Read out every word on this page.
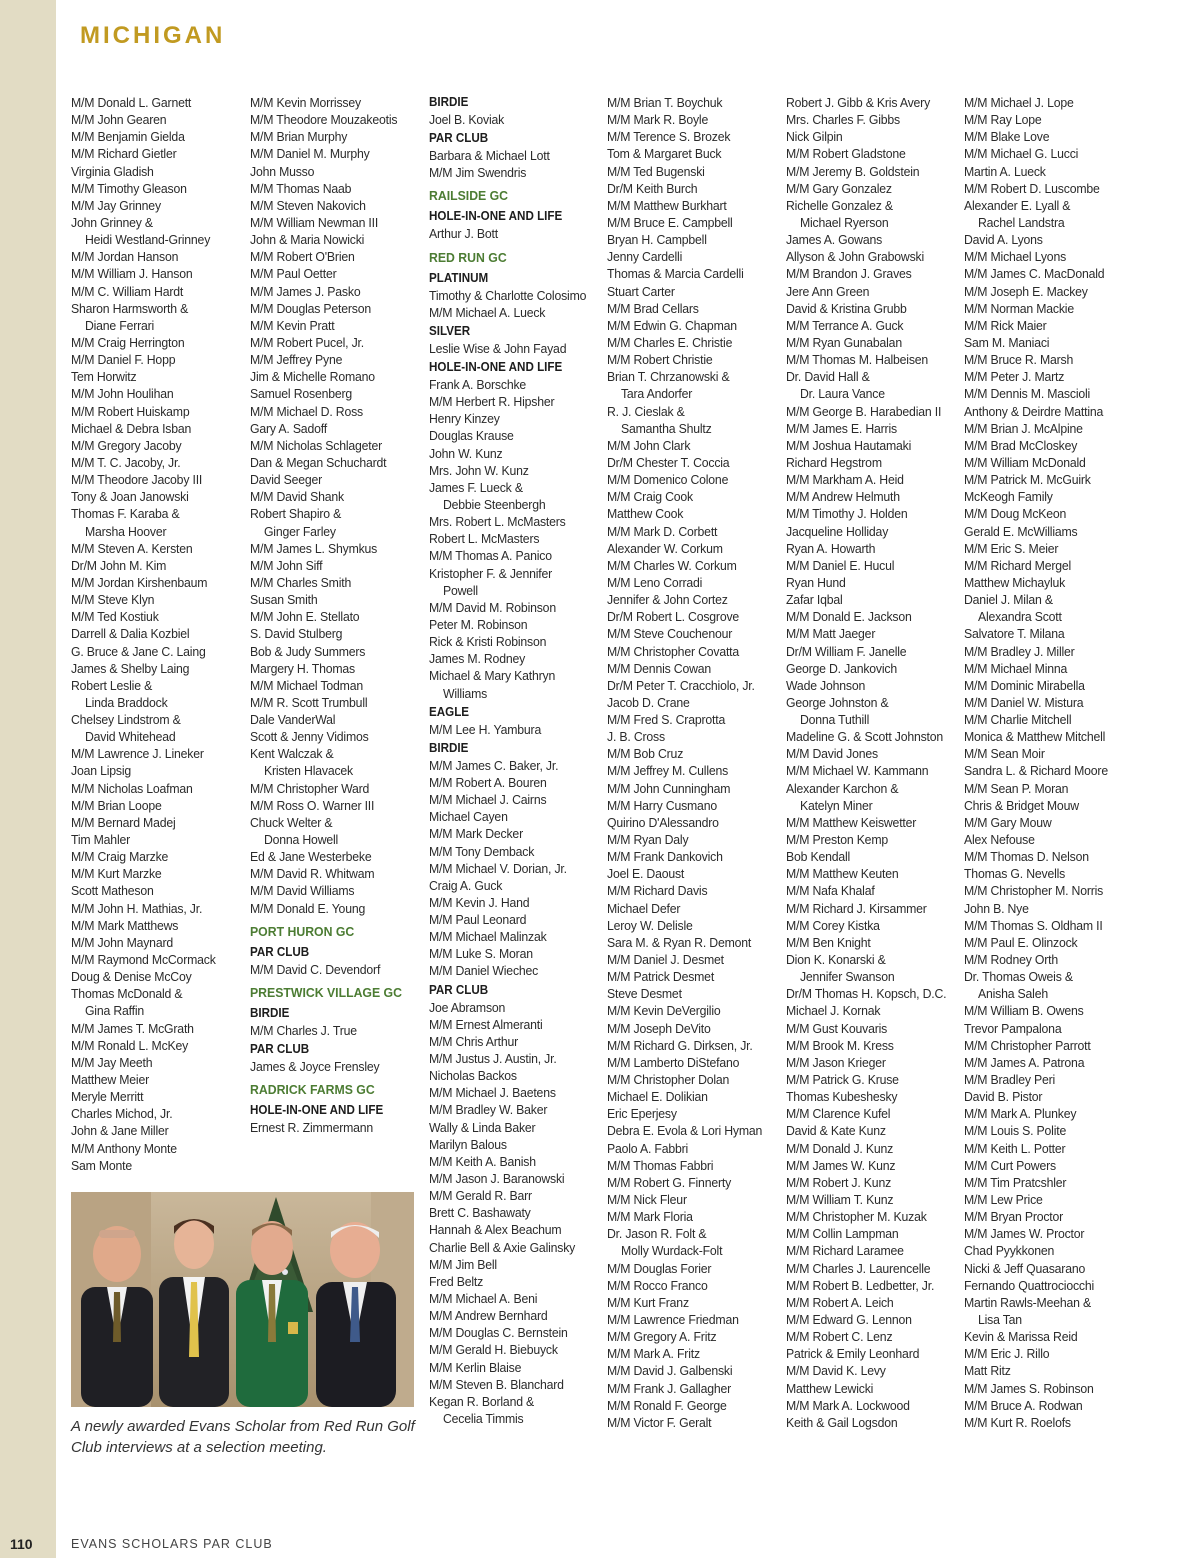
MICHIGAN
M/M Donald L. Garnett
M/M John Gearen
M/M Benjamin Gielda
M/M Richard Gietler
Virginia Gladish
M/M Timothy Gleason
M/M Jay Grinney
John Grinney &
Heidi Westland-Grinney
M/M Jordan Hanson
M/M William J. Hanson
M/M C. William Hardt
Sharon Harmsworth &
Diane Ferrari
M/M Craig Herrington
M/M Daniel F. Hopp
Tem Horwitz
M/M John Houlihan
M/M Robert Huiskamp
Michael & Debra Isban
M/M Gregory Jacoby
M/M T. C. Jacoby, Jr.
M/M Theodore Jacoby III
Tony & Joan Janowski
Thomas F. Karaba &
Marsha Hoover
M/M Steven A. Kersten
Dr/M John M. Kim
M/M Jordan Kirshenbaum
M/M Steve Klyn
M/M Ted Kostiuk
Darrell & Dalia Kozbiel
G. Bruce & Jane C. Laing
James & Shelby Laing
Robert Leslie &
Linda Braddock
Chelsey Lindstrom &
David Whitehead
M/M Lawrence J. Lineker
Joan Lipsig
M/M Nicholas Loafman
M/M Brian Loope
M/M Bernard Madej
Tim Mahler
M/M Craig Marzke
M/M Kurt Marzke
Scott Matheson
M/M John H. Mathias, Jr.
M/M Mark Matthews
M/M John Maynard
M/M Raymond McCormack
Doug & Denise McCoy
Thomas McDonald &
Gina Raffin
M/M James T. McGrath
M/M Ronald L. McKey
M/M Jay Meeth
Matthew Meier
Meryle Merritt
Charles Michod, Jr.
John & Jane Miller
M/M Anthony Monte
Sam Monte
M/M Kevin Morrissey
M/M Theodore Mouzakeotis
M/M Brian Murphy
M/M Daniel M. Murphy
John Musso
M/M Thomas Naab
M/M Steven Nakovich
M/M William Newman III
John & Maria Nowicki
M/M Robert O'Brien
M/M Paul Oetter
M/M James J. Pasko
M/M Douglas Peterson
M/M Kevin Pratt
M/M Robert Pucel, Jr.
M/M Jeffrey Pyne
Jim & Michelle Romano
Samuel Rosenberg
M/M Michael D. Ross
Gary A. Sadoff
M/M Nicholas Schlageter
Dan & Megan Schuchardt
David Seeger
M/M David Shank
Robert Shapiro &
Ginger Farley
M/M James L. Shymkus
M/M John Siff
M/M Charles Smith
Susan Smith
M/M John E. Stellato
S. David Stulberg
Bob & Judy Summers
Margery H. Thomas
M/M Michael Todman
M/M R. Scott Trumbull
Dale VanderWal
Scott & Jenny Vidimos
Kent Walczak &
Kristen Hlavacek
M/M Christopher Ward
M/M Ross O. Warner III
Chuck Welter &
Donna Howell
Ed & Jane Westerbeke
M/M David R. Whitwam
M/M David Williams
M/M Donald E. Young
PORT HURON GC
PAR CLUB
M/M David C. Devendorf
PRESTWICK VILLAGE GC
BIRDIE
M/M Charles J. True
PAR CLUB
James & Joyce Frensley
RADRICK FARMS GC
HOLE-IN-ONE AND LIFE
Ernest R. Zimmermann
BIRDIE
Joel B. Koviak
PAR CLUB
Barbara & Michael Lott
M/M Jim Swendris
RAILSIDE GC
HOLE-IN-ONE AND LIFE
Arthur J. Bott
RED RUN GC
PLATINUM
Timothy & Charlotte Colosimo
M/M Michael A. Lueck
SILVER
Leslie Wise & John Fayad
HOLE-IN-ONE AND LIFE
Frank A. Borschke
M/M Herbert R. Hipsher
Henry Kinzey
Douglas Krause
John W. Kunz
Mrs. John W. Kunz
James F. Lueck &
Debbie Steenbergh
Mrs. Robert L. McMasters
Robert L. McMasters
M/M Thomas A. Panico
Kristopher F. & Jennifer
Powell
M/M David M. Robinson
Peter M. Robinson
Rick & Kristi Robinson
James M. Rodney
Michael & Mary Kathryn
Williams
EAGLE
M/M Lee H. Yambura
BIRDIE
M/M James C. Baker, Jr.
M/M Robert A. Bouren
M/M Michael J. Cairns
Michael Cayen
M/M Mark Decker
M/M Tony Demback
M/M Michael V. Dorian, Jr.
Craig A. Guck
M/M Kevin J. Hand
M/M Paul Leonard
M/M Michael Malinzak
M/M Luke S. Moran
M/M Daniel Wiechec
PAR CLUB
Joe Abramson
M/M Ernest Almeranti
M/M Chris Arthur
M/M Justus J. Austin, Jr.
Nicholas Backos
M/M Michael J. Baetens
M/M Bradley W. Baker
Wally & Linda Baker
Marilyn Balous
M/M Keith A. Banish
M/M Jason J. Baranowski
M/M Gerald R. Barr
Brett C. Bashawaty
Hannah & Alex Beachum
Charlie Bell & Axie Galinsky
M/M Jim Bell
Fred Beltz
M/M Michael A. Beni
M/M Andrew Bernhard
M/M Douglas C. Bernstein
M/M Gerald H. Biebuyck
M/M Kerlin Blaise
M/M Steven B. Blanchard
Kegan R. Borland &
Cecelia Timmis
M/M Brian T. Boychuk
M/M Mark R. Boyle
M/M Terence S. Brozek
Tom & Margaret Buck
M/M Ted Bugenski
Dr/M Keith Burch
M/M Matthew Burkhart
M/M Bruce E. Campbell
Bryan H. Campbell
Jenny Cardelli
Thomas & Marcia Cardelli
Stuart Carter
M/M Brad Cellars
M/M Edwin G. Chapman
M/M Charles E. Christie
M/M Robert Christie
Brian T. Chrzanowski &
Tara Andorfer
R. J. Cieslak &
Samantha Shultz
M/M John Clark
Dr/M Chester T. Coccia
M/M Domenico Colone
M/M Craig Cook
Matthew Cook
M/M Mark D. Corbett
Alexander W. Corkum
M/M Charles W. Corkum
M/M Leno Corradi
Jennifer & John Cortez
Dr/M Robert L. Cosgrove
M/M Steve Couchenour
M/M Christopher Covatta
M/M Dennis Cowan
Dr/M Peter T. Cracchiolo, Jr.
Jacob D. Crane
M/M Fred S. Craprotta
J. B. Cross
M/M Bob Cruz
M/M Jeffrey M. Cullens
M/M John Cunningham
M/M Harry Cusmano
Quirino D'Alessandro
M/M Ryan Daly
M/M Frank Dankovich
Joel E. Daoust
M/M Richard Davis
Michael Defer
Leroy W. Delisle
Sara M. & Ryan R. Demont
M/M Daniel J. Desmet
M/M Patrick Desmet
Steve Desmet
M/M Kevin DeVergilio
M/M Joseph DeVito
M/M Richard G. Dirksen, Jr.
M/M Lamberto DiStefano
M/M Christopher Dolan
Michael E. Dolikian
Eric Eperjesy
Debra E. Evola & Lori Hyman
Paolo A. Fabbri
M/M Thomas Fabbri
M/M Robert G. Finnerty
M/M Nick Fleur
M/M Mark Floria
Dr. Jason R. Folt &
Molly Wurdack-Folt
M/M Douglas Forier
M/M Rocco Franco
M/M Kurt Franz
M/M Lawrence Friedman
M/M Gregory A. Fritz
M/M Mark A. Fritz
M/M David J. Galbenski
M/M Frank J. Gallagher
M/M Ronald F. George
M/M Victor F. Geralt
Robert J. Gibb & Kris Avery
Mrs. Charles F. Gibbs
Nick Gilpin
M/M Robert Gladstone
M/M Jeremy B. Goldstein
M/M Gary Gonzalez
Richelle Gonzalez &
Michael Ryerson
James A. Gowans
Allyson & John Grabowski
M/M Brandon J. Graves
Jere Ann Green
David & Kristina Grubb
M/M Terrance A. Guck
M/M Ryan Gunabalan
M/M Thomas M. Halbeisen
Dr. David Hall &
Dr. Laura Vance
M/M George B. Harabedian II
M/M James E. Harris
M/M Joshua Hautamaki
Richard Hegstrom
M/M Markham A. Heid
M/M Andrew Helmuth
M/M Timothy J. Holden
Jacqueline Holliday
Ryan A. Howarth
M/M Daniel E. Hucul
Ryan Hund
Zafar Iqbal
M/M Donald E. Jackson
M/M Matt Jaeger
Dr/M William F. Janelle
George D. Jankovich
Wade Johnson
George Johnston &
Donna Tuthill
Madeline G. & Scott Johnston
M/M David Jones
M/M Michael W. Kammann
Alexander Karchon &
Katelyn Miner
M/M Matthew Keiswetter
M/M Preston Kemp
Bob Kendall
M/M Matthew Keuten
M/M Nafa Khalaf
M/M Richard J. Kirsammer
M/M Corey Kistka
M/M Ben Knight
Dion K. Konarski &
Jennifer Swanson
Dr/M Thomas H. Kopsch, D.C.
Michael J. Kornak
M/M Gust Kouvaris
M/M Brook M. Kress
M/M Jason Krieger
M/M Patrick G. Kruse
Thomas Kubeshesky
M/M Clarence Kufel
David & Kate Kunz
M/M Donald J. Kunz
M/M James W. Kunz
M/M Robert J. Kunz
M/M William T. Kunz
M/M Christopher M. Kuzak
M/M Collin Lampman
M/M Richard Laramee
M/M Charles J. Laurencelle
M/M Robert B. Ledbetter, Jr.
M/M Robert A. Leich
M/M Edward G. Lennon
M/M Robert C. Lenz
Patrick & Emily Leonhard
M/M David K. Levy
Matthew Lewicki
M/M Mark A. Lockwood
Keith & Gail Logsdon
M/M Michael J. Lope
M/M Ray Lope
M/M Blake Love
M/M Michael G. Lucci
Martin A. Lueck
M/M Robert D. Luscombe
Alexander E. Lyall &
Rachel Landstra
David A. Lyons
M/M Michael Lyons
M/M James C. MacDonald
M/M Joseph E. Mackey
M/M Norman Mackie
M/M Rick Maier
Sam M. Maniaci
M/M Bruce R. Marsh
M/M Peter J. Martz
M/M Dennis M. Mascioli
Anthony & Deirdre Mattina
M/M Brian J. McAlpine
M/M Brad McCloskey
M/M William McDonald
M/M Patrick M. McGuirk
McKeogh Family
M/M Doug McKeon
Gerald E. McWilliams
M/M Eric S. Meier
M/M Richard Mergel
Matthew Michayluk
Daniel J. Milan &
Alexandra Scott
Salvatore T. Milana
M/M Bradley J. Miller
M/M Michael Minna
M/M Dominic Mirabella
M/M Daniel W. Mistura
M/M Charlie Mitchell
Monica & Matthew Mitchell
M/M Sean Moir
Sandra L. & Richard Moore
M/M Sean P. Moran
Chris & Bridget Mouw
M/M Gary Mouw
Alex Nefouse
M/M Thomas D. Nelson
Thomas G. Nevells
M/M Christopher M. Norris
John B. Nye
M/M Thomas S. Oldham II
M/M Paul E. Olinzock
M/M Rodney Orth
Dr. Thomas Oweis &
Anisha Saleh
M/M William B. Owens
Trevor Pampalona
M/M Christopher Parrott
M/M James A. Patrona
M/M Bradley Peri
David B. Pistor
M/M Mark A. Plunkey
M/M Louis S. Polite
M/M Keith L. Potter
M/M Curt Powers
M/M Tim Pratcshler
M/M Lew Price
M/M Bryan Proctor
M/M James W. Proctor
Chad Pyykkonen
Nicki & Jeff Quasarano
Fernando Quattrociocchi
Martin Rawls-Meehan &
Lisa Tan
Kevin & Marissa Reid
M/M Eric J. Rillo
Matt Ritz
M/M James S. Robinson
M/M Bruce A. Rodwan
M/M Kurt R. Roelofs
A newly awarded Evans Scholar from Red Run Golf Club interviews at a selection meeting.
110	EVANS SCHOLARS PAR CLUB
